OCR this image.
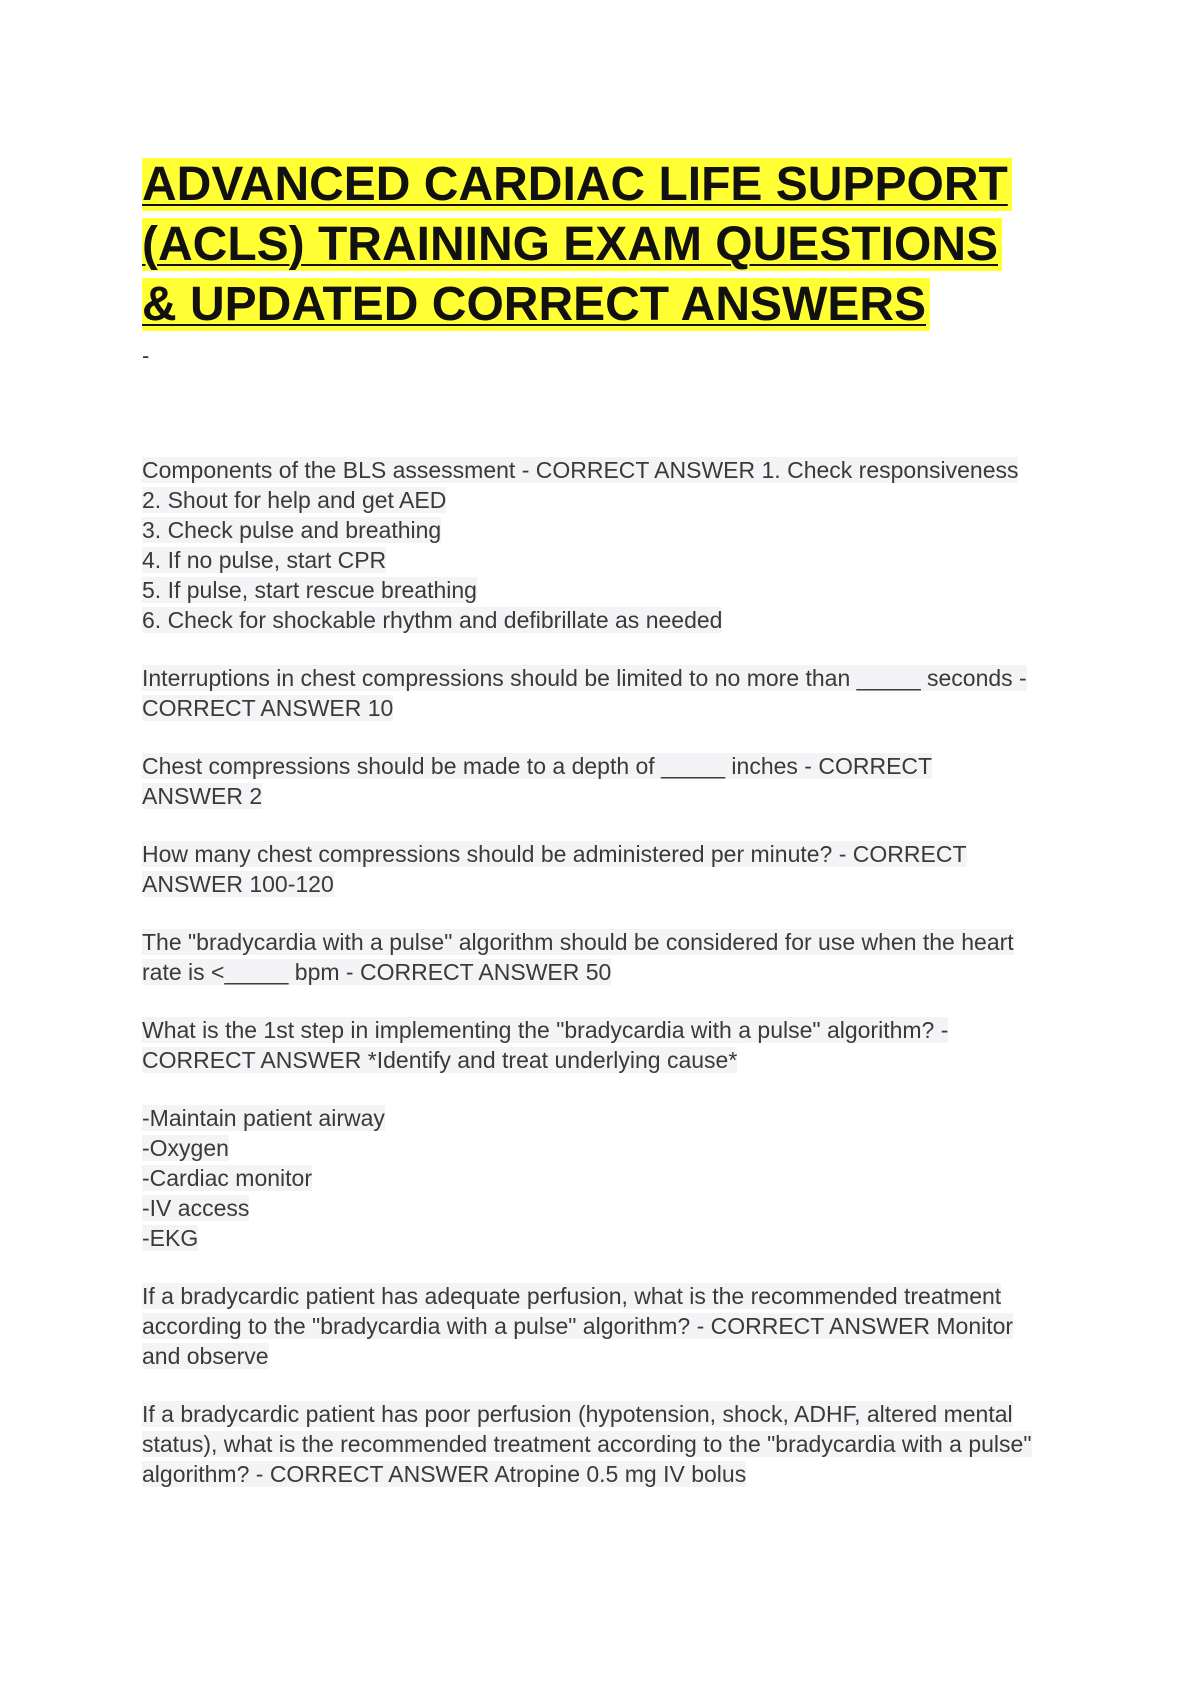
ADVANCED CARDIAC LIFE SUPPORT
(ACLS) TRAINING EXAM QUESTIONS
& UPDATED CORRECT ANSWERS
-
Components of the BLS assessment - CORRECT ANSWER 1. Check responsiveness
2. Shout for help and get AED
3. Check pulse and breathing
4. If no pulse, start CPR
5. If pulse, start rescue breathing
6. Check for shockable rhythm and defibrillate as needed
Interruptions in chest compressions should be limited to no more than _____ seconds -
CORRECT ANSWER 10
Chest compressions should be made to a depth of _____ inches - CORRECT
ANSWER 2
How many chest compressions should be administered per minute? - CORRECT
ANSWER 100-120
The "bradycardia with a pulse" algorithm should be considered for use when the heart
rate is <_____ bpm - CORRECT ANSWER 50
What is the 1st step in implementing the "bradycardia with a pulse" algorithm? -
CORRECT ANSWER *Identify and treat underlying cause*
-Maintain patient airway
-Oxygen
-Cardiac monitor
-IV access
-EKG
If a bradycardic patient has adequate perfusion, what is the recommended treatment
according to the "bradycardia with a pulse" algorithm? - CORRECT ANSWER Monitor
and observe
If a bradycardic patient has poor perfusion (hypotension, shock, ADHF, altered mental
status), what is the recommended treatment according to the "bradycardia with a pulse"
algorithm? - CORRECT ANSWER Atropine 0.5 mg IV bolus
